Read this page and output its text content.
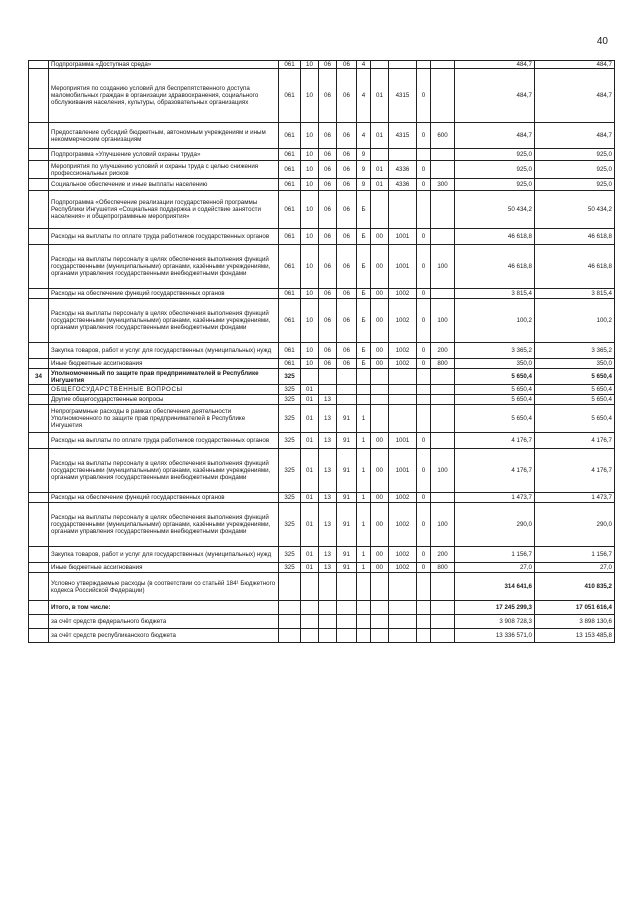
40
	Подпрограмма «Доступная среда»	061	10	06	06	4					484,7	484,7
	Мероприятия по созданию условий для беспрепятственного доступа маломобильных граждан в организации здравоохранения, социального обслуживания населения, культуры, образовательных организациях	061	10	06	06	4	01	4315	0		484,7	484,7
	Предоставление субсидий бюджетным, автономным учреждениям и иным некоммерческим организациям	061	10	06	06	4	01	4315	0	600	484,7	484,7
	Подпрограмма «Улучшение условий охраны труда»	061	10	06	06	9					925,0	925,0
	Мероприятия по улучшению условий и охраны труда с целью снижения профессиональных рисков	061	10	06	06	9	01	4336	0		925,0	925,0
	Социальное обеспечение и иные выплаты населению	061	10	06	06	9	01	4336	0	300	925,0	925,0
	Подпрограмма «Обеспечение реализации государственной программы Республики Ингушетия «Социальная поддержка и содействие занятости населения» и общепрограммные мероприятия»	061	10	06	06	Б					50 434,2	50 434,2
	Расходы на выплаты по оплате труда работников государственных органов	061	10	06	06	Б	00	1001	0		46 618,8	46 618,8
	Расходы на выплаты персоналу в целях обеспечения выполнения функций государственными (муниципальными) органами, казёнными учреждениями, органами управления государственными внебюджетными фондами	061	10	06	06	Б	00	1001	0	100	46 618,8	46 618,8
	Расходы на обеспечение функций государственных органов	061	10	06	06	Б	00	1002	0		3 815,4	3 815,4
	Расходы на выплаты персоналу в целях обеспечения выполнения функций государственными (муниципальными) органами, казёнными учреждениями, органами управления государственными внебюджетными фондами	061	10	06	06	Б	00	1002	0	100	100,2	100,2
	Закупка товаров, работ и услуг для государственных (муниципальных) нужд	061	10	06	06	Б	00	1002	0	200	3 365,2	3 365,2
	Иные бюджетные ассигнования	061	10	06	06	Б	00	1002	0	800	350,0	350,0
34	Уполномоченный по защите прав предпринимателей в Республике Ингушетия	325									5 650,4	5 650,4
	ОБЩЕГОСУДАРСТВЕННЫЕ ВОПРОСЫ	325	01								5 650,4	5 650,4
	Другие общегосударственные вопросы	325	01	13							5 650,4	5 650,4
	Непрограммные расходы в рамках обеспечения деятельности Уполномоченного по защите прав предпринимателей в Республике Ингушетия	325	01	13	91	1					5 650,4	5 650,4
	Расходы на выплаты по оплате труда работников государственных органов	325	01	13	91	1	00	1001	0		4 176,7	4 176,7
	Расходы на выплаты персоналу в целях обеспечения выполнения функций государственными (муниципальными) органами, казёнными учреждениями, органами управления государственными внебюджетными фондами	325	01	13	91	1	00	1001	0	100	4 176,7	4 176,7
	Расходы на обеспечение функций государственных органов	325	01	13	91	1	00	1002	0		1 473,7	1 473,7
	Расходы на выплаты персоналу в целях обеспечения выполнения функций государственными (муниципальными) органами, казёнными учреждениями, органами управления государственными внебюджетными фондами	325	01	13	91	1	00	1002	0	100	290,0	290,0
	Закупка товаров, работ и услуг для государственных (муниципальных) нужд	325	01	13	91	1	00	1002	0	200	1 156,7	1 156,7
	Иные бюджетные ассигнования	325	01	13	91	1	00	1002	0	800	27,0	27,0
	Условно утверждаемые расходы (в соответствии со статьёй 184¹ Бюджетного кодекса Российской Федерации)										314 641,6	410 835,2
	Итого, в том числе:										17 245 299,3	17 051 616,4
	за счёт средств федерального бюджета										3 908 728,3	3 898 130,6
	за счёт средств республиканского бюджета										13 336 571,0	13 153 485,8
